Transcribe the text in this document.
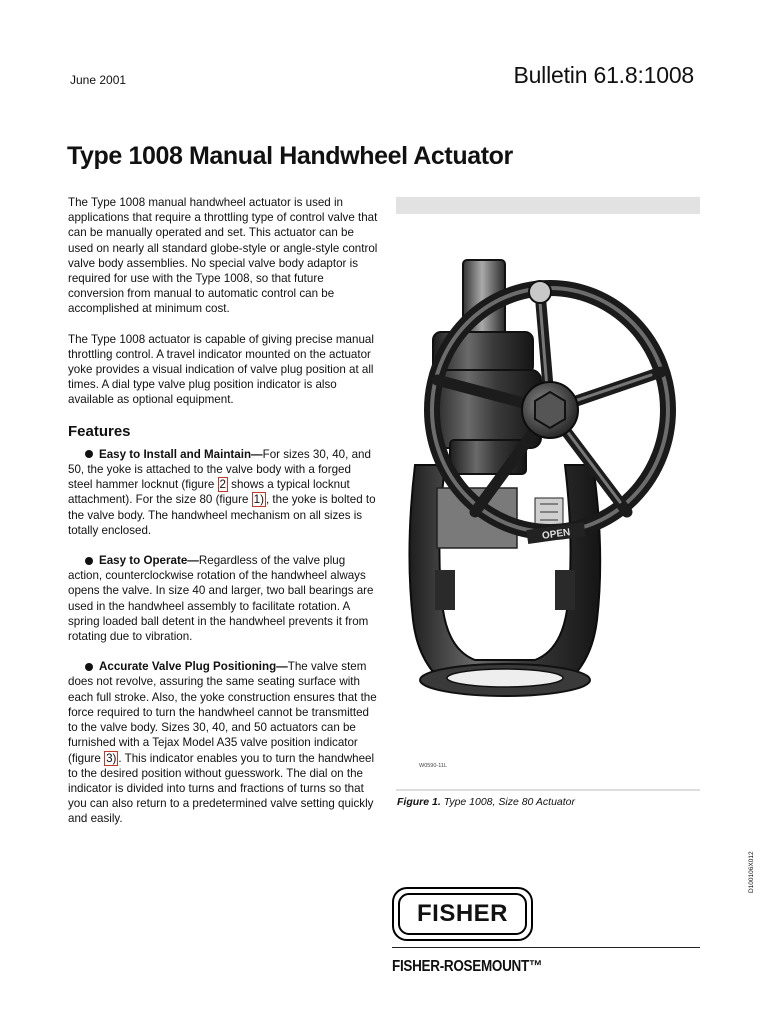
June 2001	Bulletin 61.8:1008
Type 1008 Manual Handwheel Actuator

The Type 1008 manual handwheel actuator is used in applications that require a throttling type of control valve that can be manually operated and set. This actuator can be used on nearly all standard globe-style or angle-style control valve body assemblies. No special valve body adaptor is required for use with the Type 1008, so that future conversion from manual to automatic control can be accomplished at minimum cost.

The Type 1008 actuator is capable of giving precise manual throttling control. A travel indicator mounted on the actuator yoke provides a visual indication of valve plug position at all times. A dial type valve plug position indicator is also available as optional equipment.

Features
Easy to Install and Maintain—For sizes 30, 40, and 50, the yoke is attached to the valve body with a forged steel hammer locknut (figure 2 shows a typical locknut attachment). For the size 80 (figure 1) , the yoke is bolted to the valve body. The handwheel mechanism on all sizes is totally enclosed.
Easy to Operate—Regardless of the valve plug action, counterclockwise rotation of the handwheel always opens the valve. In size 40 and larger, two ball bearings are used in the handwheel assembly to facilitate rotation. A spring loaded ball detent in the handwheel prevents it from rotating due to vibration.
Accurate Valve Plug Positioning—The valve stem does not revolve, assuring the same seating surface with each full stroke. Also, the yoke construction ensures that the force required to turn the handwheel cannot be transmitted to the valve body. Sizes 30, 40, and 50 actuators can be furnished with a Tejax Model A35 valve position indicator (figure 3) . This indicator enables you to turn the handwheel to the desired position without guesswork. The dial on the indicator is divided into turns and fractions of turns so that you can also return to a predetermined valve setting quickly and easily.
OPEN
W0590-11L
Figure 1. Type 1008, Size 80 Actuator
FISHER
FISHER-ROSEMOUNT™
D100106X012
